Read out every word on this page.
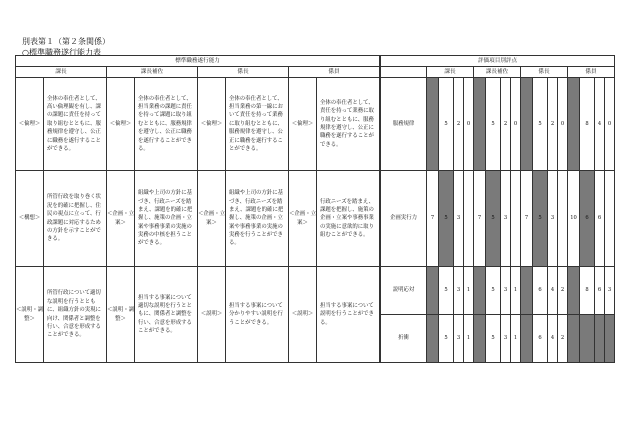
別表第１（第２条関係）
○標準職務遂行能力表
標準職務遂行能力							
課長		課長補佐		係長		係員	
＜倫理＞	全体の奉仕者として、高い倫理観を有し、課の課題に責任を持って取り組むとともに、服務規律を遵守し、公正に職務を遂行することができる。	＜倫理＞	全体の奉仕者として、担当業務の課題に責任を持って課題に取り組むとともに、服務規律を遵守し、公正に職務を遂行することができる。	＜倫理＞	全体の奉仕者として、担当業務の第一線において責任を持って業務に取り組むとともに、服務規律を遵守し、公正に職務を遂行することができる。	＜倫理＞	全体の奉仕者として、責任を持って業務に取り組むとともに、服務規律を遵守し、公正に職務を遂行することができる。
＜構想＞	所管行政を取り巻く状況を的確に把握し、住民の視点に立って、行政課題に対応するための方針を示すことができる。	＜企画・立案＞	組織や上司の方針に基づき、行政ニーズを踏まえ、課題を的確に把握し、施策の企画・立案や事務事業の実施の実務の中核を担うことができる。	＜企画・立案＞	組織や上司の方針に基づき、行政ニーズを踏まえ、課題を的確に把握し、施策の企画・立案や事務事業の実施の実務を行うことができる。	＜企画・立案＞	行政ニーズを踏まえ、課題を把握し、施策の企画・立案や事務事業の実施に意欲的に取り組むことができる。
＜説明・調整＞	所管行政について適切な説明を行うとともに、組織方針の実現に向け、関係者と調整を行い、合意を形成することができる。	＜説明・調整＞	担当する事案について適切な説明を行うとともに、関係者と調整を行い、合意を形成することができる。	＜説明＞	担当する事案について分かりやすい説明を行うことができる。	＜説明＞	担当する事案について説明を行うことができる。
評価項目別評点																
	課長				課長補佐				係長				係員			
服務規律		5	2	0		5	2	0		5	2	0		8	4	0
企画実行力	7	5	3		7	5	3		7	5	3		10	6	6	
説明応対		5	3	1		5	3	1		6	4	2		8	6	3
折衝		5	3	1		5	3	1		6	4	2				
